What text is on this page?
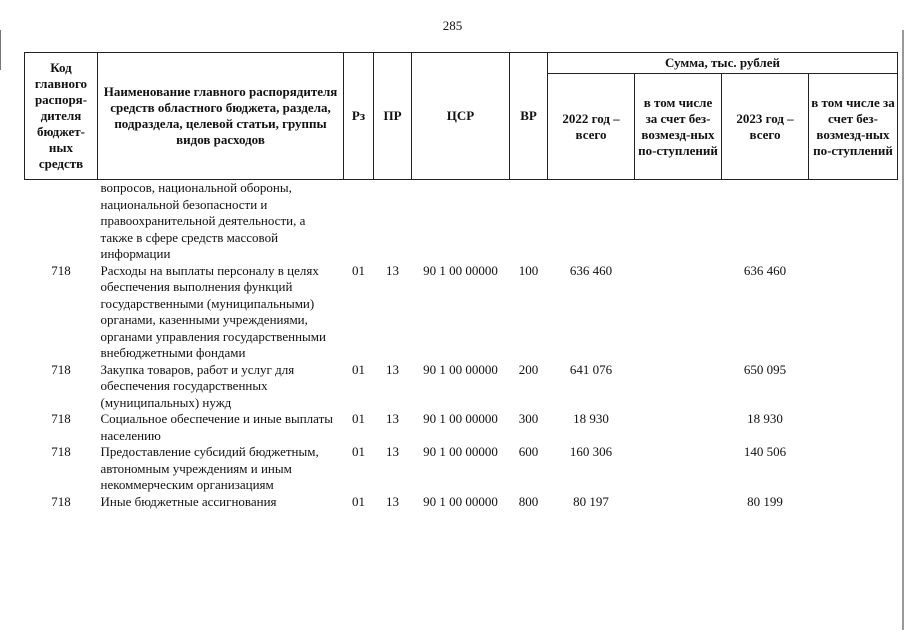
285
Код главного распоря-дителя бюджет-ных средств	Наименование главного распорядителя средств областного бюджета, раздела, подраздела, целевой статьи, группы видов расходов	Рз	ПР	ЦСР	ВР	Сумма, тыс. рублей			
						2022 год – всего	в том числе за счет без-возмезд-ных по-ступлений	2023 год – всего	в том числе за счет без-возмезд-ных по-ступлений
	вопросов, национальной обороны, национальной безопасности и правоохранительной деятельности, а также в сфере средств массовой информации								
718	Расходы на выплаты персоналу в целях обеспечения выполнения функций государственными (муниципальными) органами, казенными учреждениями, органами управления государственными внебюджетными фондами	01	13	90 1 00 00000	100	636 460		636 460	
718	Закупка товаров, работ и услуг для обеспечения государственных (муниципальных) нужд	01	13	90 1 00 00000	200	641 076		650 095	
718	Социальное обеспечение и иные выплаты населению	01	13	90 1 00 00000	300	18 930		18 930	
718	Предоставление субсидий бюджетным, автономным учреждениям и иным некоммерческим организациям	01	13	90 1 00 00000	600	160 306		140 506	
718	Иные бюджетные ассигнования	01	13	90 1 00 00000	800	80 197		80 199	
